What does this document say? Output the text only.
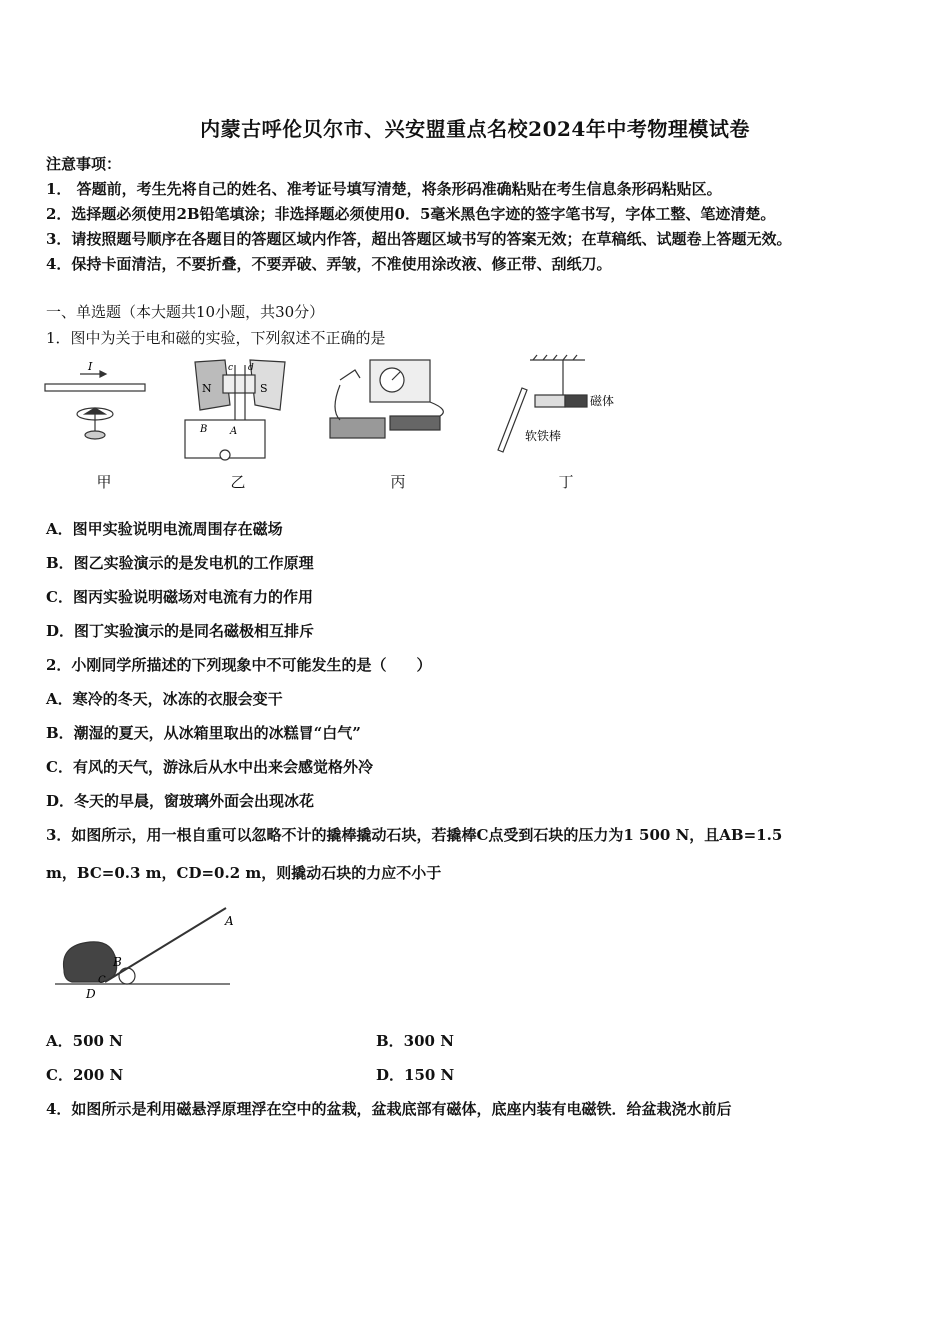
内蒙古呼伦贝尔市、兴安盟重点名校2024年中考物理模试卷
注意事项：
1． 答题前，考生先将自己的姓名、准考证号填写清楚，将条形码准确粘贴在考生信息条形码粘贴区。
2．选择题必须使用2B铅笔填涂；非选择题必须使用0．5毫米黑色字迹的签字笔书写，字体工整、笔迹清楚。
3．请按照题号顺序在各题目的答题区域内作答，超出答题区域书写的答案无效；在草稿纸、试题卷上答题无效。
4．保持卡面清洁，不要折叠，不要弄破、弄皱，不准使用涂改液、修正带、刮纸刀。
一、单选题（本大题共10小题，共30分）
1．图中为关于电和磁的实验，下列叙述不正确的是
I
N	S
c d
B A
磁体
软铁棒
甲	乙	丙	丁
A．图甲实验说明电流周围存在磁场
B．图乙实验演示的是发电机的工作原理
C．图丙实验说明磁场对电流有力的作用
D．图丁实验演示的是同名磁极相互排斥
2．小刚同学所描述的下列现象中不可能发生的是（　　）
A．寒冷的冬天，冰冻的衣服会变干
B．潮湿的夏天，从冰箱里取出的冰糕冒“白气”
C．有风的天气，游泳后从水中出来会感觉格外冷
D．冬天的早晨，窗玻璃外面会出现冰花
3．如图所示，用一根自重可以忽略不计的撬棒撬动石块，若撬棒C点受到石块的压力为1 500 N，且AB=1.5
m，BC=0.3 m，CD=0.2 m，则撬动石块的力应不小于
A
B
C
D
A．500 N	B．300 N
C．200 N	D．150 N
4．如图所示是利用磁悬浮原理浮在空中的盆栽，盆栽底部有磁体，底座内装有电磁铁．给盆栽浇水前后
